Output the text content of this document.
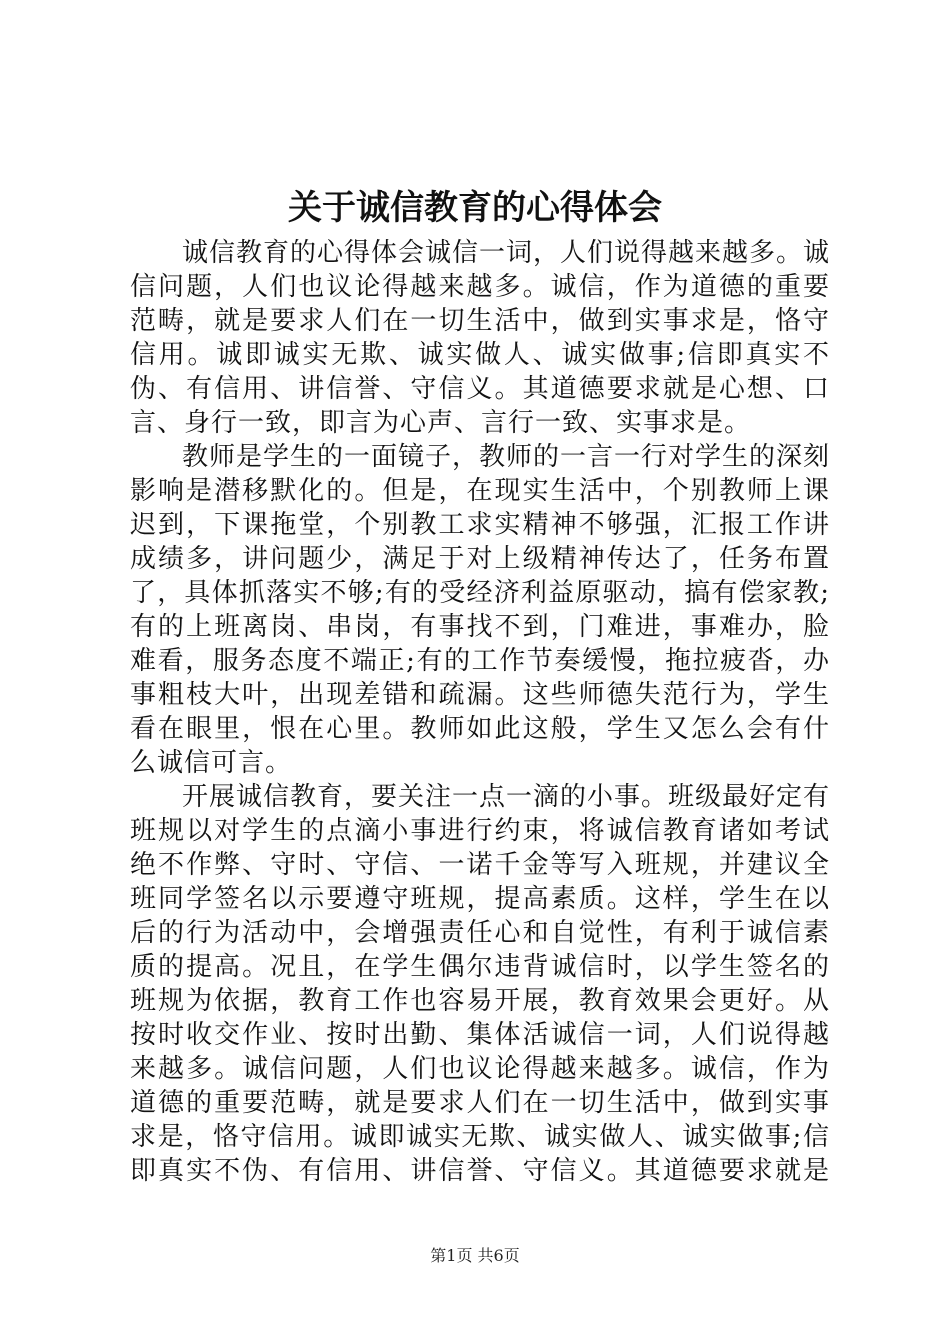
关于诚信教育的心得体会

诚信教育的心得体会诚信一词，人们说得越来越多。诚信问题，人们也议论得越来越多。诚信，作为道德的重要范畴，就是要求人们在一切生活中，做到实事求是，恪守信用。诚即诚实无欺、诚实做人、诚实做事;信即真实不伪、有信用、讲信誉、守信义。其道德要求就是心想、口言、身行一致，即言为心声、言行一致、实事求是。

教师是学生的一面镜子，教师的一言一行对学生的深刻影响是潜移默化的。但是，在现实生活中，个别教师上课迟到，下课拖堂，个别教工求实精神不够强，汇报工作讲成绩多，讲问题少，满足于对上级精神传达了，任务布置了，具体抓落实不够;有的受经济利益原驱动，搞有偿家教;有的上班离岗、串岗，有事找不到，门难进，事难办，脸难看，服务态度不端正;有的工作节奏缓慢，拖拉疲沓，办事粗枝大叶，出现差错和疏漏。这些师德失范行为，学生看在眼里，恨在心里。教师如此这般，学生又怎么会有什么诚信可言。

开展诚信教育，要关注一点一滴的小事。班级最好定有班规以对学生的点滴小事进行约束，将诚信教育诸如考试绝不作弊、守时、守信、一诺千金等写入班规，并建议全班同学签名以示要遵守班规，提高素质。这样，学生在以后的行为活动中，会增强责任心和自觉性，有利于诚信素质的提高。况且，在学生偶尔违背诚信时，以学生签名的班规为依据，教育工作也容易开展，教育效果会更好。从按时收交作业、按时出勤、集体活诚信一词，人们说得越来越多。诚信问题，人们也议论得越来越多。诚信，作为道德的重要范畴，就是要求人们在一切生活中，做到实事求是，恪守信用。诚即诚实无欺、诚实做人、诚实做事;信即真实不伪、有信用、讲信誉、守信义。其道德要求就是

第1页 共6页
